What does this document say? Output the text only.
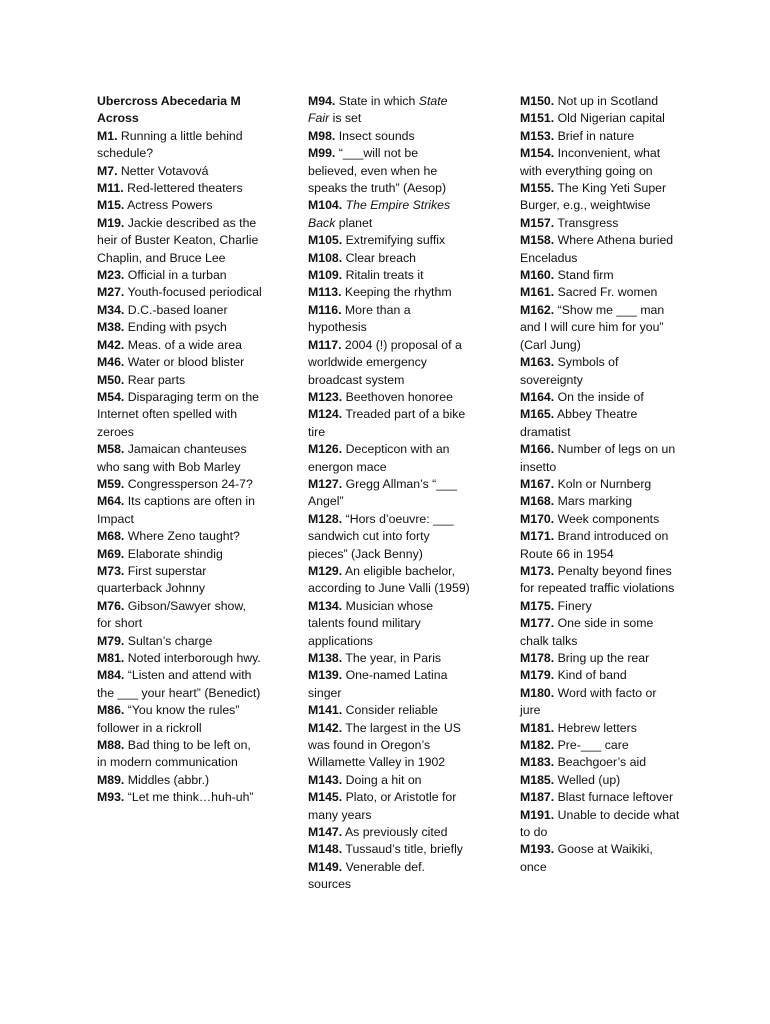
Ubercross Abecedaria M

Across

M1. Running a little behind schedule?

M7. Netter Votavová

M11. Red-lettered theaters

M15. Actress Powers

M19. Jackie described as the heir of Buster Keaton, Charlie Chaplin, and Bruce Lee

M23. Official in a turban

M27. Youth-focused periodical

M34. D.C.-based loaner

M38. Ending with psych

M42. Meas. of a wide area

M46. Water or blood blister

M50. Rear parts

M54. Disparaging term on the Internet often spelled with zeroes

M58. Jamaican chanteuses who sang with Bob Marley

M59. Congressperson 24-7?

M64. Its captions are often in Impact

M68. Where Zeno taught?

M69. Elaborate shindig

M73. First superstar quarterback Johnny

M76. Gibson/Sawyer show, for short

M79. Sultan’s charge

M81. Noted interborough hwy.

M84. “Listen and attend with the ___ your heart” (Benedict)

M86. “You know the rules” follower in a rickroll

M88. Bad thing to be left on, in modern communication

M89. Middles (abbr.)

M93. “Let me think…huh-uh”

M94. State in which State Fair is set

M98. Insect sounds

M99. “___will not be believed, even when he speaks the truth” (Aesop)

M104. The Empire Strikes Back planet

M105. Extremifying suffix

M108. Clear breach

M109. Ritalin treats it

M113. Keeping the rhythm

M116. More than a hypothesis

M117. 2004 (!) proposal of a worldwide emergency broadcast system

M123. Beethoven honoree

M124. Treaded part of a bike tire

M126. Decepticon with an energon mace

M127. Gregg Allman’s “___ Angel”

M128. “Hors d’oeuvre: ___ sandwich cut into forty pieces” (Jack Benny)

M129. An eligible bachelor, according to June Valli (1959)

M134. Musician whose talents found military applications

M138. The year, in Paris

M139. One-named Latina singer

M141. Consider reliable

M142. The largest in the US was found in Oregon’s Willamette Valley in 1902

M143. Doing a hit on

M145. Plato, or Aristotle for many years

M147. As previously cited

M148. Tussaud’s title, briefly

M149. Venerable def. sources

M150. Not up in Scotland

M151. Old Nigerian capital

M153. Brief in nature

M154. Inconvenient, what with everything going on

M155. The King Yeti Super Burger, e.g., weightwise

M157. Transgress

M158. Where Athena buried Enceladus

M160. Stand firm

M161. Sacred Fr. women

M162. “Show me ___ man and I will cure him for you” (Carl Jung)

M163. Symbols of sovereignty

M164. On the inside of

M165. Abbey Theatre dramatist

M166. Number of legs on un insetto

M167. Koln or Nurnberg

M168. Mars marking

M170. Week components

M171. Brand introduced on Route 66 in 1954

M173. Penalty beyond fines for repeated traffic violations

M175. Finery

M177. One side in some chalk talks

M178. Bring up the rear

M179. Kind of band

M180. Word with facto or jure

M181. Hebrew letters

M182. Pre-___ care

M183. Beachgoer’s aid

M185. Welled (up)

M187. Blast furnace leftover

M191. Unable to decide what to do

M193. Goose at Waikiki, once
